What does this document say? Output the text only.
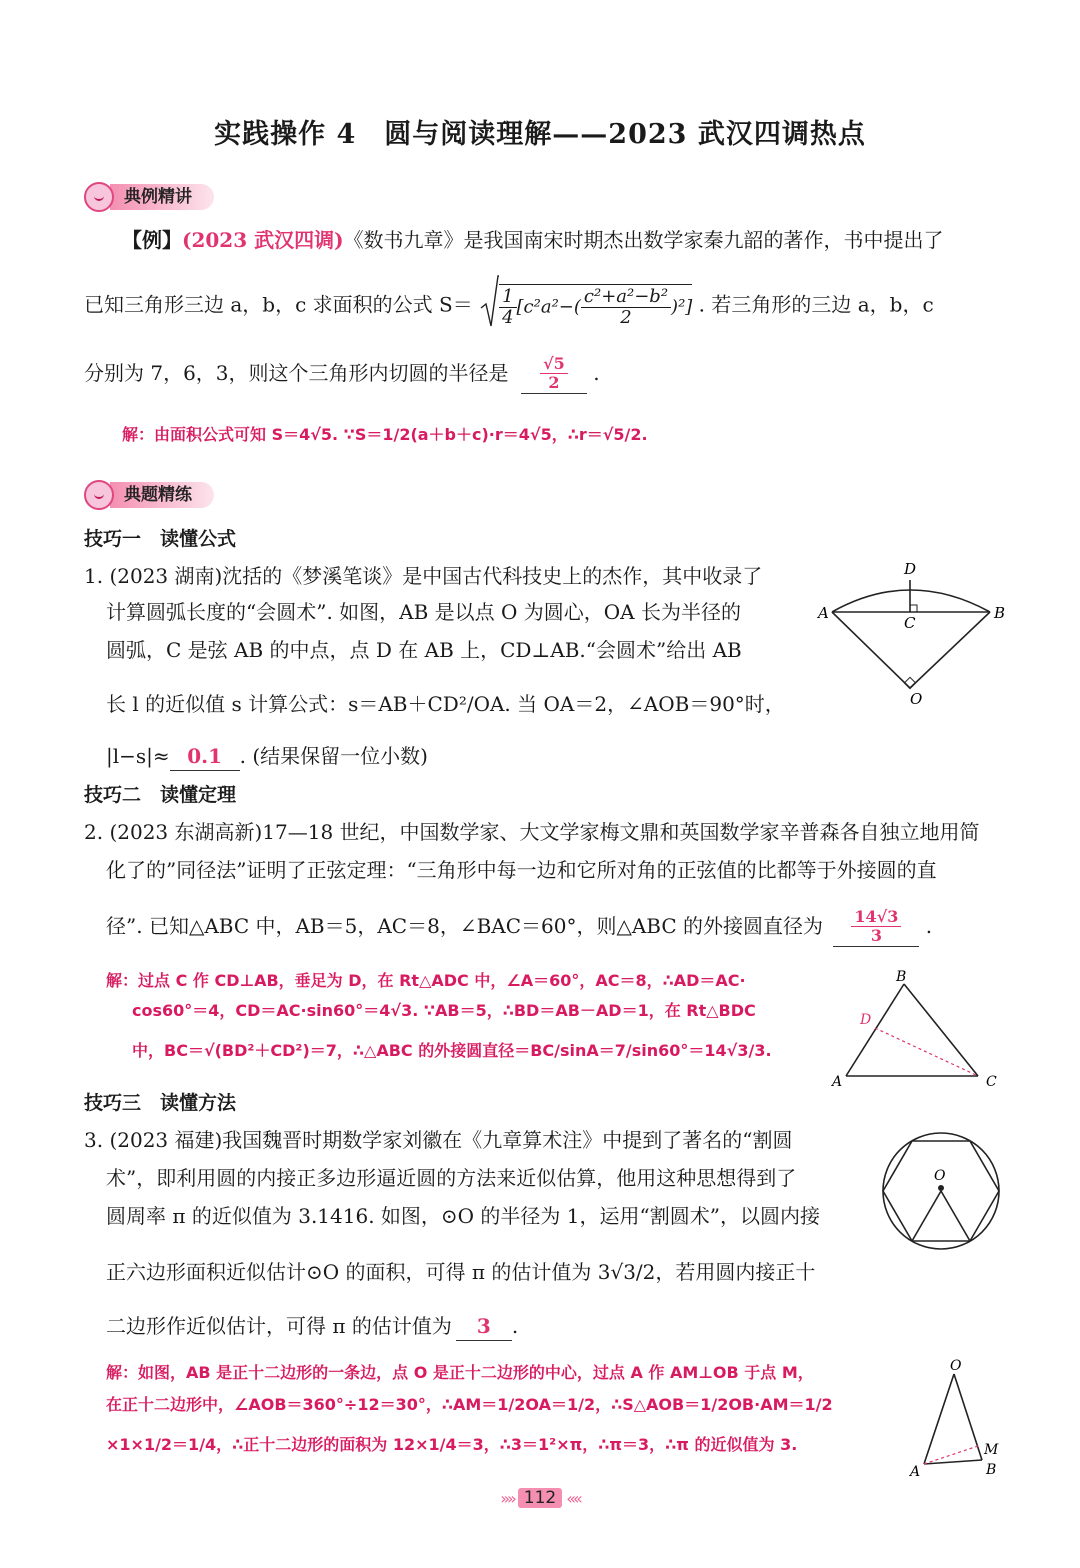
实践操作 4　圆与阅读理解——2023 武汉四调热点
典例精讲
【例】(2023 武汉四调)《数书九章》是我国南宋时期杰出数学家秦九韶的著作，书中提出了
已知三角形三边 a，b，c 求面积的公式 $S= \frac{1}{4} [c^2a^2-( \frac{\text{c²+a²−b²}}{2} )^2]$ . 若三角形的三边 a，b，c
分别为 7，6，3，则这个三角形内切圆的半径是 $\frac{√5}{2}$ .
解：由面积公式可知 S＝4√5. ∵S＝1/2(a＋b＋c)·r＝4√5，∴r＝√5/2.
典题精练
技巧一　读懂公式
1. (2023 湖南)沈括的《梦溪笔谈》是中国古代科技史上的杰作，其中收录了
计算圆弧长度的“会圆术”. 如图，AB 是以点 O 为圆心，OA 长为半径的
圆弧，C 是弦 AB 的中点，点 D 在 AB 上，CD⊥AB.“会圆术”给出 AB
长 l 的近似值 s 计算公式：s＝AB＋CD²/OA. 当 OA＝2，∠AOB＝90°时，
|l−s|≈ 0.1 . (结果保留一位小数)
A	B
C
D
O
技巧二　读懂定理
2. (2023 东湖高新)17—18 世纪，中国数学家、大文学家梅文鼎和英国数学家辛普森各自独立地用简
化了的”同径法”证明了正弦定理：“三角形中每一边和它所对角的正弦值的比都等于外接圆的直
径”. 已知△ABC 中，AB＝5，AC＝8，∠BAC＝60°，则△ABC 的外接圆直径为 $\frac{14√3}{3}$ .
解：过点 C 作 CD⊥AB，垂足为 D，在 Rt△ADC 中，∠A＝60°，AC＝8，∴AD＝AC·
cos60°＝4，CD＝AC·sin60°＝4√3. ∵AB＝5，∴BD＝AB－AD＝1，在 Rt△BDC
中，BC＝√(BD²＋CD²)＝7，∴△ABC 的外接圆直径＝BC/sinA＝7/sin60°＝14√3/3.
A
B
C
D
技巧三　读懂方法
3. (2023 福建)我国魏晋时期数学家刘徽在《九章算术注》中提到了著名的“割圆
术”，即利用圆的内接正多边形逼近圆的方法来近似估算，他用这种思想得到了
圆周率 π 的近似值为 3.1416. 如图，⊙O 的半径为 1，运用“割圆术”，以圆内接
正六边形面积近似估计⊙O 的面积，可得 π 的估计值为 3√3/2，若用圆内接正十
二边形作近似估计，可得 π 的估计值为 3 .
解：如图，AB 是正十二边形的一条边，点 O 是正十二边形的中心，过点 A 作 AM⊥OB 于点 M，
在正十二边形中，∠AOB＝360°÷12＝30°，∴AM＝1/2OA＝1/2，∴S△AOB＝1/2OB·AM＝1/2
×1×1/2＝1/4，∴正十二边形的面积为 12×1/4＝3，∴3＝1²×π，∴π＝3，∴π 的近似值为 3.
O
O
A	B
M
»» 112 ««
